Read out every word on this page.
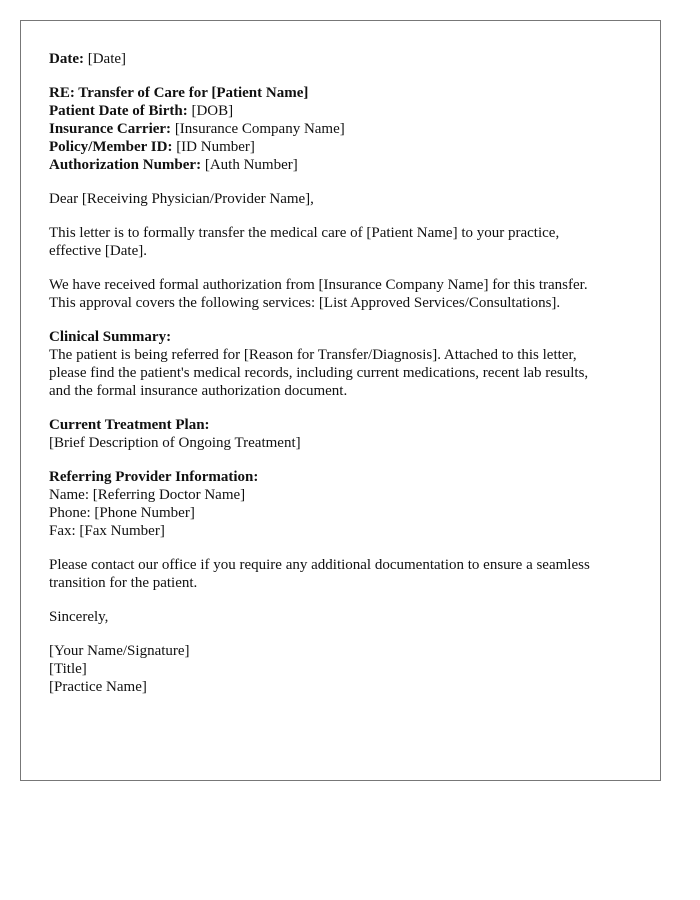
Date: [Date]
RE: Transfer of Care for [Patient Name]
Patient Date of Birth: [DOB]
Insurance Carrier: [Insurance Company Name]
Policy/Member ID: [ID Number]
Authorization Number: [Auth Number]
Dear [Receiving Physician/Provider Name],
This letter is to formally transfer the medical care of [Patient Name] to your practice,
effective [Date].
We have received formal authorization from [Insurance Company Name] for this transfer.
This approval covers the following services: [List Approved Services/Consultations].
Clinical Summary:
The patient is being referred for [Reason for Transfer/Diagnosis]. Attached to this letter,
please find the patient's medical records, including current medications, recent lab results,
and the formal insurance authorization document.
Current Treatment Plan:
[Brief Description of Ongoing Treatment]
Referring Provider Information:
Name: [Referring Doctor Name]
Phone: [Phone Number]
Fax: [Fax Number]
Please contact our office if you require any additional documentation to ensure a seamless
transition for the patient.
Sincerely,
[Your Name/Signature]
[Title]
[Practice Name]
